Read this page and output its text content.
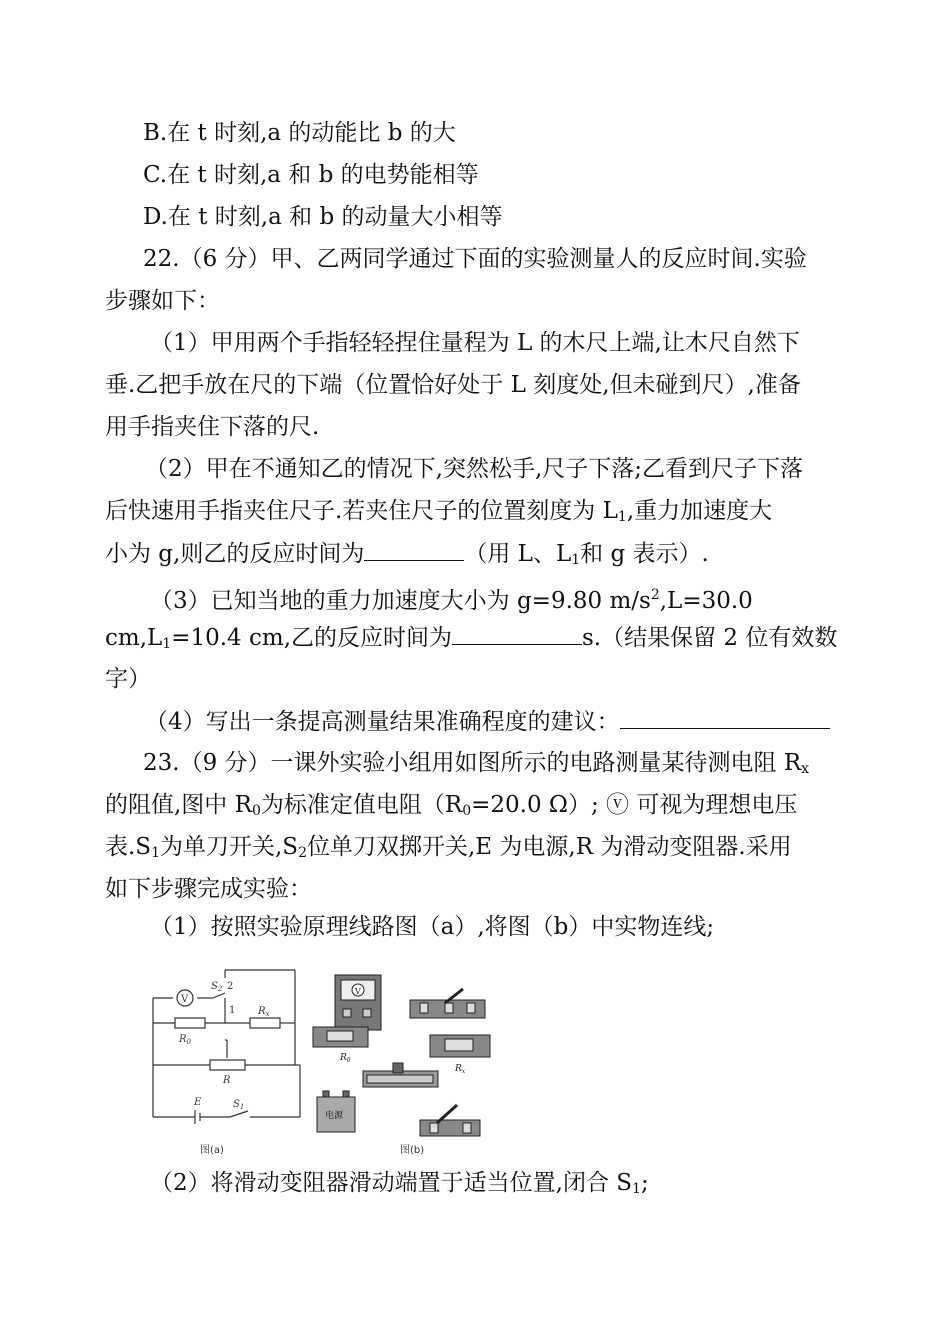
B.在 t 时刻,a 的动能比 b 的大
C.在 t 时刻,a 和 b 的电势能相等
D.在 t 时刻,a 和 b 的动量大小相等
22.（6 分）甲、乙两同学通过下面的实验测量人的反应时间.实验
步骤如下：
（1）甲用两个手指轻轻捏住量程为 L 的木尺上端,让木尺自然下
垂.乙把手放在尺的下端（位置恰好处于 L 刻度处,但未碰到尺）,准备
用手指夹住下落的尺.
（2）甲在不通知乙的情况下,突然松手,尺子下落;乙看到尺子下落
后快速用手指夹住尺子.若夹住尺子的位置刻度为 $L_1$,重力加速度大
小为 g,则乙的反应时间为	（用 L、$L_1$和 g 表示）.
（3）已知当地的重力加速度大小为 g=9.80 $m/s^2,L=30.0$
$cm,L_1=10.4$ cm,乙的反应时间为	s.（结果保留 2 位有效数
字）
（4）写出一条提高测量结果准确程度的建议：
23.（9 分）一课外实验小组用如图所示的电路测量某待测电阻 $R_x$
的阻值,图中 $R_0$为标准定值电阻（$R_0=20.0$ Ω）; ⓥ 可视为理想电压
表$.S_1$为单刀开关$,S_2$位单刀双掷开关,E 为电源,R 为滑动变阻器.采用
如下步骤完成实验：
（1）按照实验原理线路图（a）,将图（b）中实物连线;
V
$S_2$ 2
1 $R_x$
$R_0$
R
E	$S_1$
图(a)
V
$R_0$
$R_x$
电源
图(b)
（2）将滑动变阻器滑动端置于适当位置,闭合 $S_1$;
